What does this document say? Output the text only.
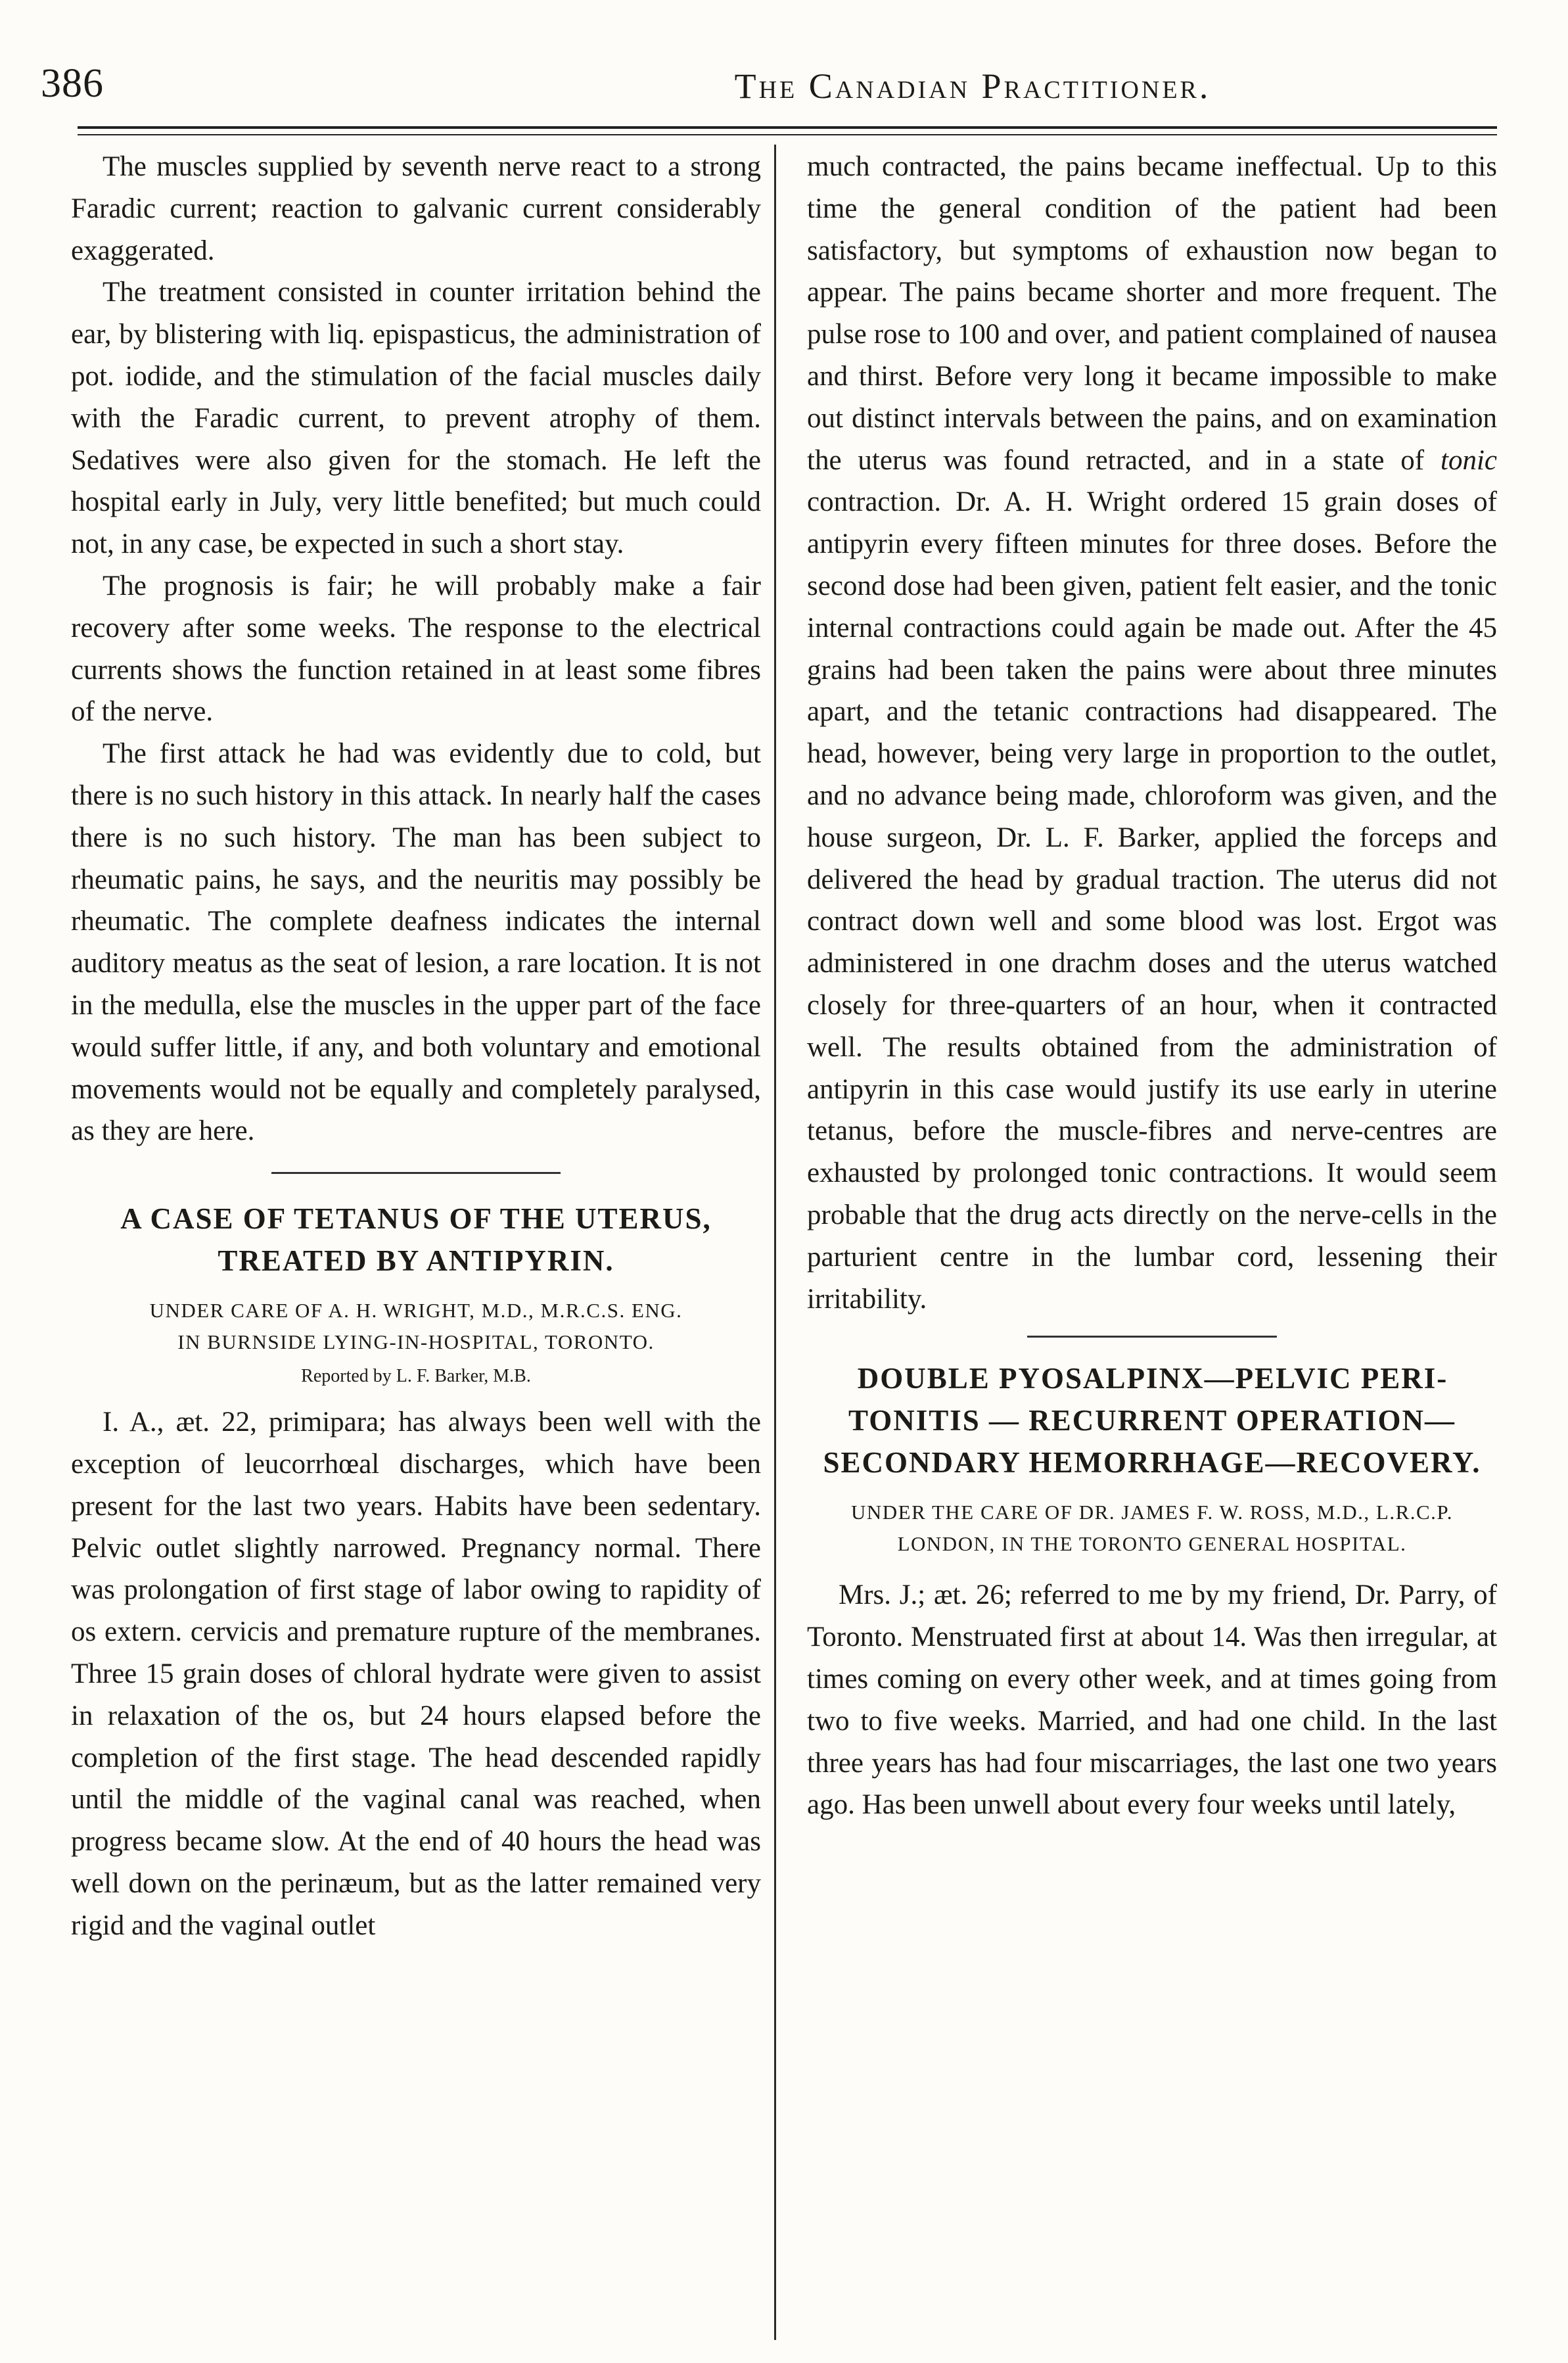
386	The Canadian Practitioner.

The muscles supplied by seventh nerve react to a strong Faradic current; reaction to galvanic current considerably exaggerated.

The treatment consisted in counter irritation behind the ear, by blistering with liq. epispasticus, the administration of pot. iodide, and the stimulation of the facial muscles daily with the Faradic current, to prevent atrophy of them. Sedatives were also given for the stomach. He left the hospital early in July, very little benefited; but much could not, in any case, be expected in such a short stay.

The prognosis is fair; he will probably make a fair recovery after some weeks. The response to the electrical currents shows the function retained in at least some fibres of the nerve.

The first attack he had was evidently due to cold, but there is no such history in this attack. In nearly half the cases there is no such history. The man has been subject to rheumatic pains, he says, and the neuritis may possibly be rheumatic. The complete deafness indicates the internal auditory meatus as the seat of lesion, a rare location. It is not in the medulla, else the muscles in the upper part of the face would suffer little, if any, and both voluntary and emotional movements would not be equally and completely paralysed, as they are here.

A CASE OF TETANUS OF THE UTERUS, TREATED BY ANTIPYRIN.

UNDER CARE OF A. H. WRIGHT, M.D., M.R.C.S. ENG.

IN BURNSIDE LYING-IN-HOSPITAL, TORONTO.

Reported by L. F. Barker, M.B.

I. A., æt. 22, primipara; has always been well with the exception of leucorrhœal discharges, which have been present for the last two years. Habits have been sedentary. Pelvic outlet slightly narrowed. Pregnancy normal. There was prolongation of first stage of labor owing to rapidity of os extern. cervicis and premature rupture of the membranes. Three 15 grain doses of chloral hydrate were given to assist in relaxation of the os, but 24 hours elapsed before the completion of the first stage. The head descended rapidly until the middle of the vaginal canal was reached, when progress became slow. At the end of 40 hours the head was well down on the perinæum, but as the latter remained very rigid and the vaginal outlet

much contracted, the pains became ineffectual. Up to this time the general condition of the patient had been satisfactory, but symptoms of exhaustion now began to appear. The pains became shorter and more frequent. The pulse rose to 100 and over, and patient complained of nausea and thirst. Before very long it became impossible to make out distinct intervals between the pains, and on examination the uterus was found retracted, and in a state of tonic contraction. Dr. A. H. Wright ordered 15 grain doses of antipyrin every fifteen minutes for three doses. Before the second dose had been given, patient felt easier, and the tonic internal contractions could again be made out. After the 45 grains had been taken the pains were about three minutes apart, and the tetanic contractions had disappeared. The head, however, being very large in proportion to the outlet, and no advance being made, chloroform was given, and the house surgeon, Dr. L. F. Barker, applied the forceps and delivered the head by gradual traction. The uterus did not contract down well and some blood was lost. Ergot was administered in one drachm doses and the uterus watched closely for three-quarters of an hour, when it contracted well. The results obtained from the administration of antipyrin in this case would justify its use early in uterine tetanus, before the muscle-fibres and nerve-centres are exhausted by prolonged tonic contractions. It would seem probable that the drug acts directly on the nerve-cells in the parturient centre in the lumbar cord, lessening their irritability.

DOUBLE PYOSALPINX—PELVIC PERITONITIS — RECURRENT OPERATION—SECONDARY HEMORRHAGE—RECOVERY.

UNDER THE CARE OF DR. JAMES F. W. ROSS, M.D., L.R.C.P. LONDON, IN THE TORONTO GENERAL HOSPITAL.

Mrs. J.; æt. 26; referred to me by my friend, Dr. Parry, of Toronto. Menstruated first at about 14. Was then irregular, at times coming on every other week, and at times going from two to five weeks. Married, and had one child. In the last three years has had four miscarriages, the last one two years ago. Has been unwell about every four weeks until lately,
